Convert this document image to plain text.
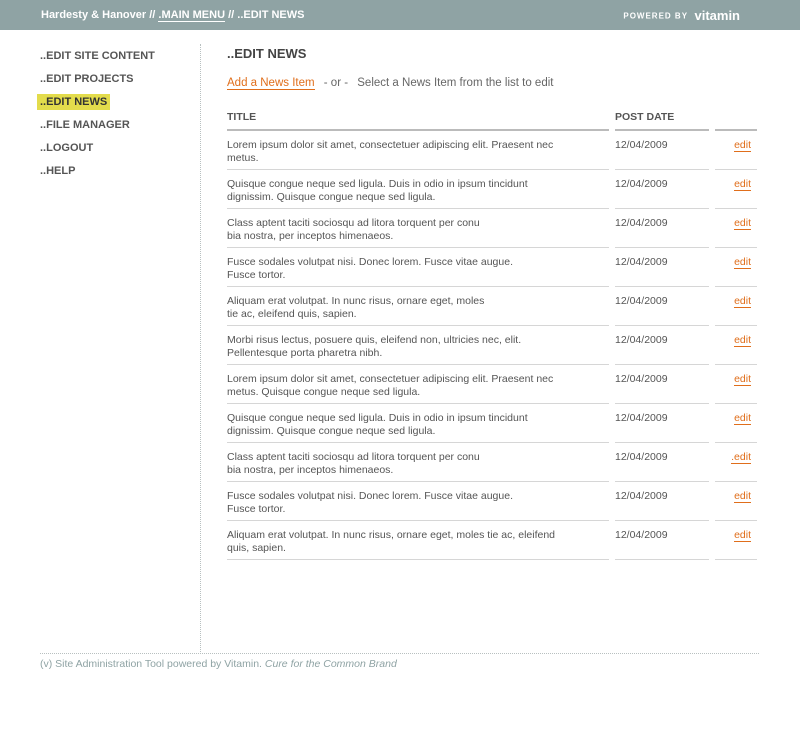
Hardesty & Hanover // .MAIN MENU // ..EDIT NEWS	POWERED BY vitamin
..EDIT SITE CONTENT
..EDIT PROJECTS
..EDIT NEWS
..FILE MANAGER
..LOGOUT
..HELP
..EDIT NEWS
Add a News Item - or - Select a News Item from the list to edit
TITLE	POST DATE
Lorem ipsum dolor sit amet, consectetuer adipiscing elit. Praesent nec
metus.
12/04/2009	edit
Quisque congue neque sed ligula. Duis in odio in ipsum tincidunt
dignissim. Quisque congue neque sed ligula.
12/04/2009	edit
Class aptent taciti sociosqu ad litora torquent per conu
bia nostra, per inceptos himenaeos.
12/04/2009	edit
Fusce sodales volutpat nisi. Donec lorem. Fusce vitae augue.
Fusce tortor.
12/04/2009	edit
Aliquam erat volutpat. In nunc risus, ornare eget, moles
tie ac, eleifend quis, sapien.
12/04/2009	edit
Morbi risus lectus, posuere quis, eleifend non, ultricies nec, elit.
Pellentesque porta pharetra nibh.
12/04/2009	edit
Lorem ipsum dolor sit amet, consectetuer adipiscing elit. Praesent nec
metus. Quisque congue neque sed ligula.
12/04/2009	edit
Quisque congue neque sed ligula. Duis in odio in ipsum tincidunt
dignissim. Quisque congue neque sed ligula.
12/04/2009	edit
Class aptent taciti sociosqu ad litora torquent per conu
bia nostra, per inceptos himenaeos.
12/04/2009	.edit
Fusce sodales volutpat nisi. Donec lorem. Fusce vitae augue.
Fusce tortor.
12/04/2009	edit
Aliquam erat volutpat. In nunc risus, ornare eget, moles tie ac, eleifend
quis, sapien.
12/04/2009	edit
(v) Site Administration Tool powered by Vitamin. Cure for the Common Brand
